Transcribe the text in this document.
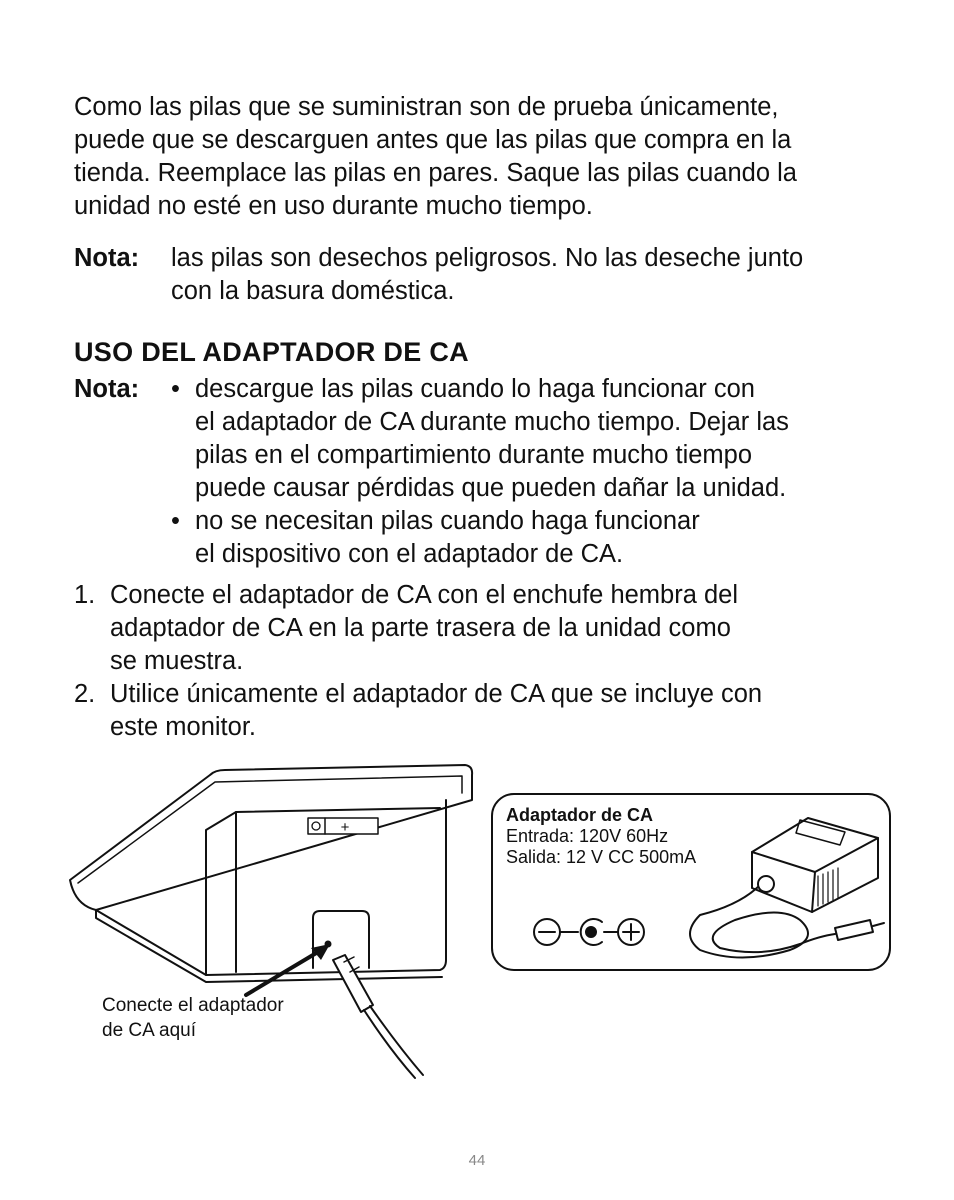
Como las pilas que se suministran son de prueba únicamente,
puede que se descarguen antes que las pilas que compra en la
tienda. Reemplace las pilas en pares. Saque las pilas cuando la
unidad no esté en uso durante mucho tiempo.
Nota: las pilas son desechos peligrosos. No las deseche junto
con la basura doméstica.
USO DEL ADAPTADOR DE CA
Nota: • descargue las pilas cuando lo haga funcionar con
el adaptador de CA durante mucho tiempo. Dejar las
pilas en el compartimiento durante mucho tiempo
puede causar pérdidas que pueden dañar la unidad.
• no se necesitan pilas cuando haga funcionar
el dispositivo con el adaptador de CA.
1. Conecte el adaptador de CA con el enchufe hembra del
adaptador de CA en la parte trasera de la unidad como
se muestra.
2. Utilice únicamente el adaptador de CA que se incluye con
este monitor.
+
Conecte el adaptador
de CA aquí
Adaptador de CA
Entrada: 120V 60Hz
Salida: 12 V CC 500mA
44
